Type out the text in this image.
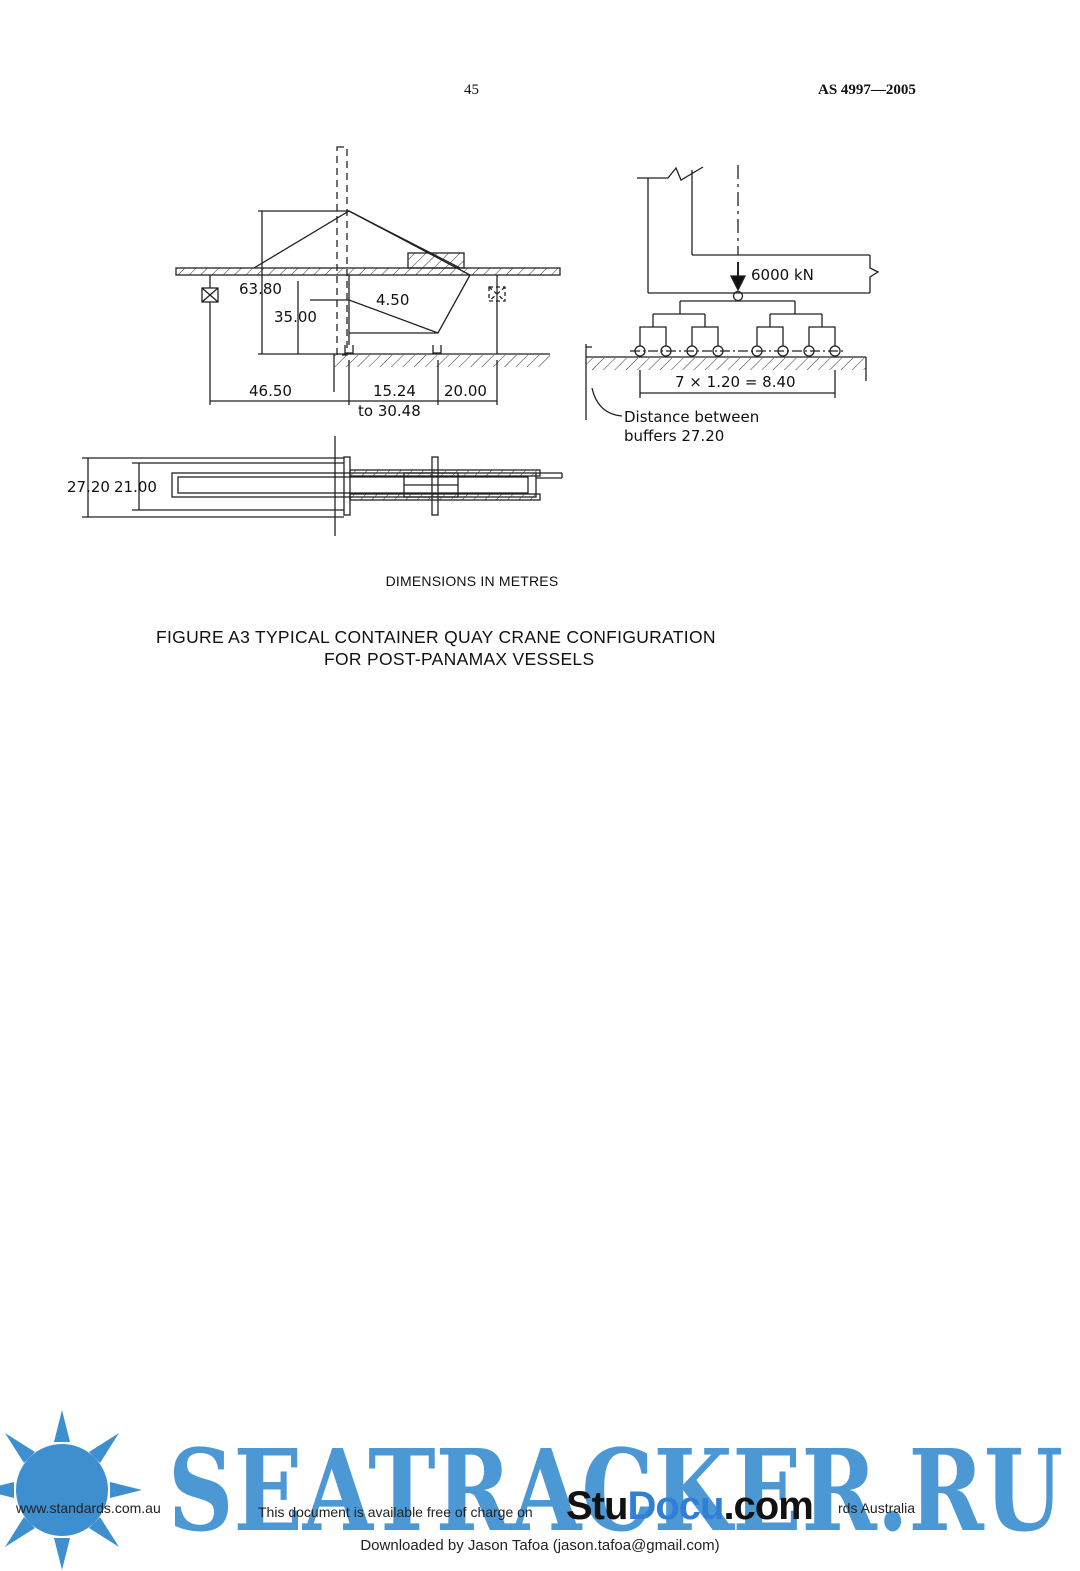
45	AS 4997—2005
63.80
35.00
4.50
46.50	15.24
to 30.48
20.00
27.20 21.00
6000 kN
7 × 1.20 = 8.40
Distance between
buffers 27.20
DIMENSIONS IN METRES
FIGURE A3 TYPICAL CONTAINER QUAY CRANE CONFIGURATION
FOR POST-PANAMAX VESSELS
SEATRACKER.RU
www.standards.com.au	This document is available free of charge on StuDocu.com rds Australia
Downloaded by Jason Tafoa (jason.tafoa@gmail.com)
